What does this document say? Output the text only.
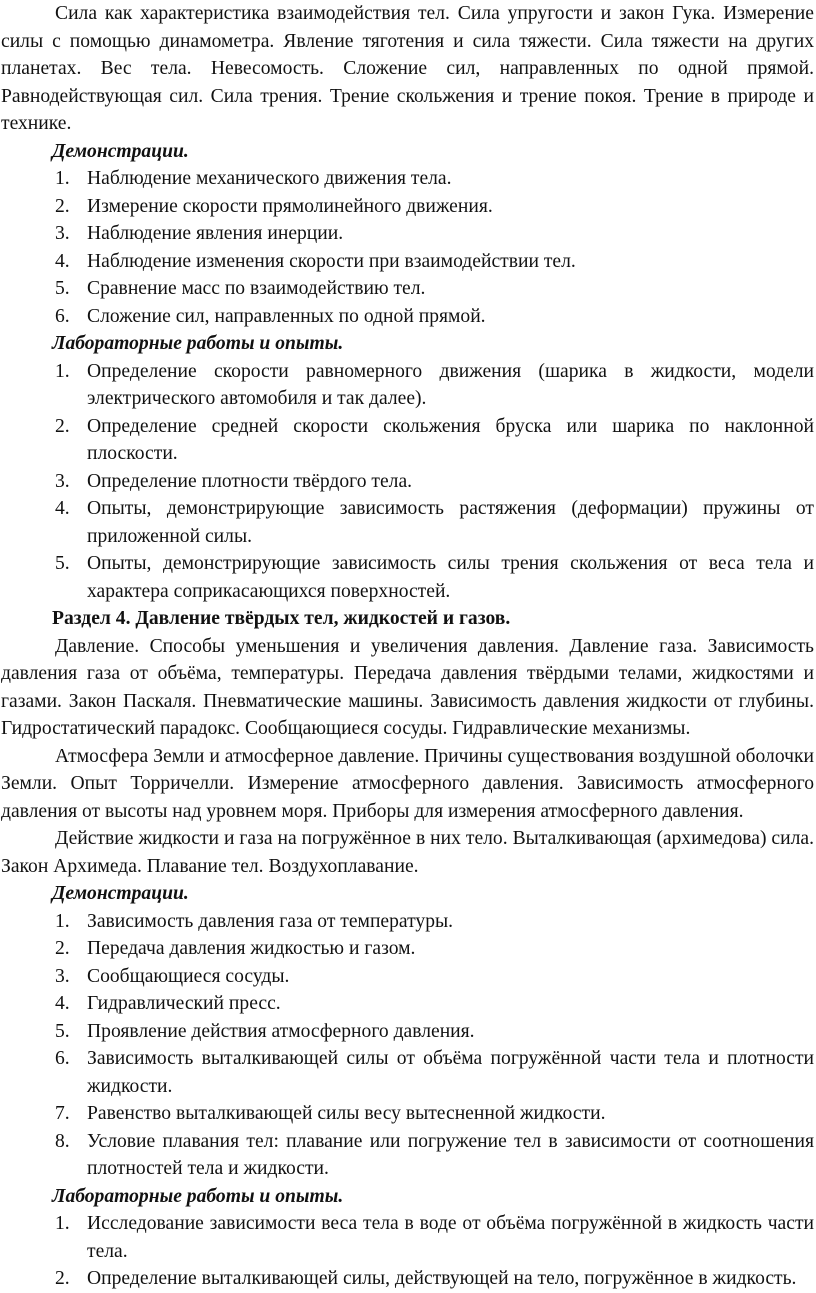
Сила как характеристика взаимодействия тел. Сила упругости и закон Гука. Измерение силы с помощью динамометра. Явление тяготения и сила тяжести. Сила тяжести на других планетах. Вес тела. Невесомость. Сложение сил, направленных по одной прямой. Равнодействующая сил. Сила трения. Трение скольжения и трение покоя. Трение в природе и технике.

Демонстрации.

1. Наблюдение механического движения тела.
2. Измерение скорости прямолинейного движения.
3. Наблюдение явления инерции.
4. Наблюдение изменения скорости при взаимодействии тел.
5. Сравнение масс по взаимодействию тел.
6. Сложение сил, направленных по одной прямой.

Лабораторные работы и опыты.

1. Определение скорости равномерного движения (шарика в жидкости, модели электрического автомобиля и так далее).
2. Определение средней скорости скольжения бруска или шарика по наклонной плоскости.
3. Определение плотности твёрдого тела.
4. Опыты, демонстрирующие зависимость растяжения (деформации) пружины от приложенной силы.
5. Опыты, демонстрирующие зависимость силы трения скольжения от веса тела и характера соприкасающихся поверхностей.

Раздел 4. Давление твёрдых тел, жидкостей и газов.

Давление. Способы уменьшения и увеличения давления. Давление газа. Зависимость давления газа от объёма, температуры. Передача давления твёрдыми телами, жидкостями и газами. Закон Паскаля. Пневматические машины. Зависимость давления жидкости от глубины. Гидростатический парадокс. Сообщающиеся сосуды. Гидравлические механизмы.

Атмосфера Земли и атмосферное давление. Причины существования воздушной оболочки Земли. Опыт Торричелли. Измерение атмосферного давления. Зависимость атмосферного давления от высоты над уровнем моря. Приборы для измерения атмосферного давления.

Действие жидкости и газа на погружённое в них тело. Выталкивающая (архимедова) сила. Закон Архимеда. Плавание тел. Воздухоплавание.

Демонстрации.

1. Зависимость давления газа от температуры.
2. Передача давления жидкостью и газом.
3. Сообщающиеся сосуды.
4. Гидравлический пресс.
5. Проявление действия атмосферного давления.
6. Зависимость выталкивающей силы от объёма погружённой части тела и плотности жидкости.
7. Равенство выталкивающей силы весу вытесненной жидкости.
8. Условие плавания тел: плавание или погружение тел в зависимости от соотношения плотностей тела и жидкости.

Лабораторные работы и опыты.

1. Исследование зависимости веса тела в воде от объёма погружённой в жидкость части тела.
2. Определение выталкивающей силы, действующей на тело, погружённое в жидкость.
